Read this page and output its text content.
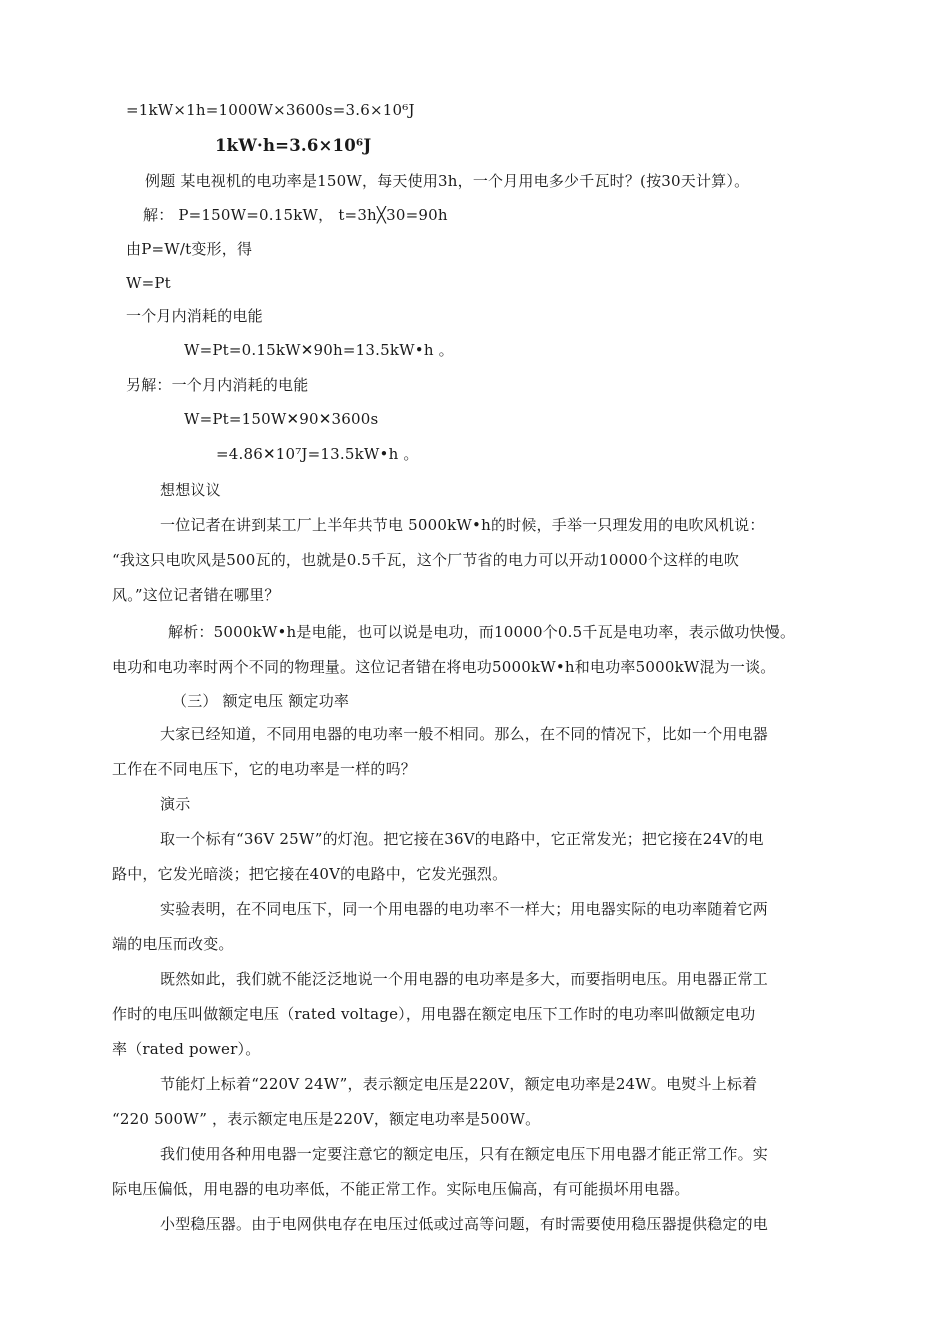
=1kW×1h=1000W×3600s=3.6×10⁶J
1kW·h=3.6×10⁶J
例题 某电视机的电功率是150W，每天使用3h，一个月用电多少千瓦时？(按30天计算）。
解： P=150W=0.15kW， t=3h╳30=90h
由P=W/t变形，得
W=Pt
一个月内消耗的电能
W=Pt=0.15kW✕90h=13.5kW•h 。
另解：一个月内消耗的电能
W=Pt=150W✕90✕3600s
=4.86✕10⁷J=13.5kW•h 。
想想议议
一位记者在讲到某工厂上半年共节电 5000kW•h的时候，手举一只理发用的电吹风机说：
“我这只电吹风是500瓦的，也就是0.5千瓦，这个厂节省的电力可以开动10000个这样的电吹
风。”这位记者错在哪里？
解析：5000kW•h是电能，也可以说是电功，而10000个0.5千瓦是电功率，表示做功快慢。
电功和电功率时两个不同的物理量。这位记者错在将电功5000kW•h和电功率5000kW混为一谈。
（三） 额定电压 额定功率
大家已经知道，不同用电器的电功率一般不相同。那么，在不同的情况下，比如一个用电器
工作在不同电压下，它的电功率是一样的吗？
演示
取一个标有“36V 25W”的灯泡。把它接在36V的电路中，它正常发光；把它接在24V的电
路中，它发光暗淡；把它接在40V的电路中，它发光强烈。
实验表明，在不同电压下，同一个用电器的电功率不一样大；用电器实际的电功率随着它两
端的电压而改变。
既然如此，我们就不能泛泛地说一个用电器的电功率是多大，而要指明电压。用电器正常工
作时的电压叫做额定电压（rated voltage），用电器在额定电压下工作时的电功率叫做额定电功
率（rated power）。
节能灯上标着“220V 24W”，表示额定电压是220V，额定电功率是24W。电熨斗上标着
“220 500W” ，表示额定电压是220V，额定电功率是500W。
我们使用各种用电器一定要注意它的额定电压，只有在额定电压下用电器才能正常工作。实
际电压偏低，用电器的电功率低，不能正常工作。实际电压偏高，有可能损坏用电器。
小型稳压器。由于电网供电存在电压过低或过高等问题，有时需要使用稳压器提供稳定的电
